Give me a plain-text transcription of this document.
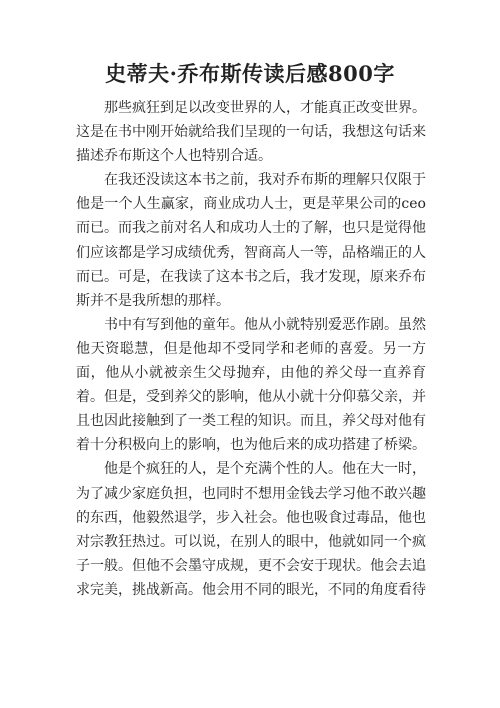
史蒂夫·乔布斯传读后感800字

那些疯狂到足以改变世界的人，才能真正改变世界。这是在书中刚开始就给我们呈现的一句话，我想这句话来描述乔布斯这个人也特别合适。

在我还没读这本书之前，我对乔布斯的理解只仅限于他是一个人生赢家，商业成功人士，更是苹果公司的ceo而已。而我之前对名人和成功人士的了解，也只是觉得他们应该都是学习成绩优秀，智商高人一等，品格端正的人而已。可是，在我读了这本书之后，我才发现，原来乔布斯并不是我所想的那样。

书中有写到他的童年。他从小就特别爱恶作剧。虽然他天资聪慧，但是他却不受同学和老师的喜爱。另一方面，他从小就被亲生父母抛弃，由他的养父母一直养育着。但是，受到养父的影响，他从小就十分仰慕父亲，并且也因此接触到了一类工程的知识。而且，养父母对他有着十分积极向上的影响，也为他后来的成功搭建了桥梁。

他是个疯狂的人，是个充满个性的人。他在大一时，为了减少家庭负担，也同时不想用金钱去学习他不敢兴趣的东西，他毅然退学，步入社会。他也吸食过毒品，他也对宗教狂热过。可以说，在别人的眼中，他就如同一个疯子一般。但他不会墨守成规，更不会安于现状。他会去追求完美，挑战新高。他会用不同的眼光，不同的角度看待
